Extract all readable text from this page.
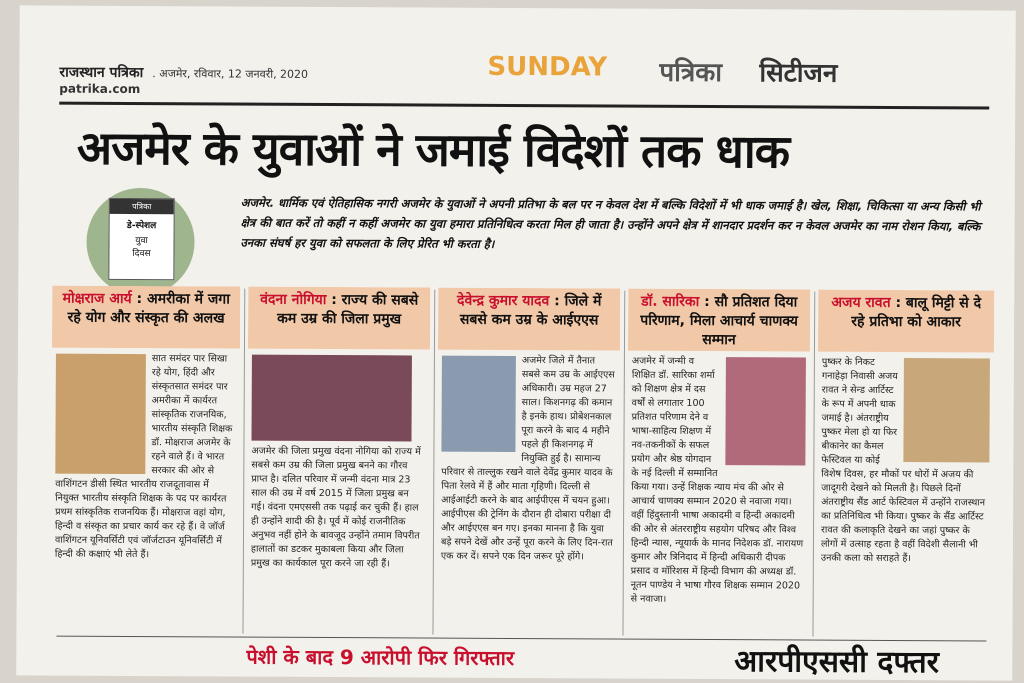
राजस्थान पत्रिका . अजमेर, रविवार, 12 जनवरी, 2020
patrika.com
SUNDAY पत्रिका सिटीजन
अजमेर के युवाओं ने जमाई विदेशों तक धाक
पत्रिका
डे-स्पेशल
युवा
दिवस
अजमेर. धार्मिक एवं ऐतिहासिक नगरी अजमेर के युवाओं ने अपनी प्रतिभा के बल पर न केवल देश में बल्कि विदेशों में भी धाक जमाई है। खेल, शिक्षा, चिकित्सा या अन्य किसी भी क्षेत्र की बात करें तो कहीं न कहीं अजमेर का युवा हमारा प्रतिनिधित्व करता मिल ही जाता है। उन्होंने अपने क्षेत्र में शानदार प्रदर्शन कर न केवल अजमेर का नाम रोशन किया, बल्कि उनका संघर्ष हर युवा को सफलता के लिए प्रेरित भी करता है।
मोक्षराज आर्य : अमरीका में जगा रहे योग और संस्कृत की अलख
सात समंदर पार सिखा रहे योग, हिंदी और संस्कृतसात समंदर पार अमरीका में कार्यरत सांस्कृतिक राजनयिक, भारतीय संस्कृति शिक्षक डॉ. मोक्षराज अजमेर के रहने वाले हैं। वे भारत सरकार की ओर से वाशिंगटन डीसी स्थित भारतीय राजदूतावास में नियुक्त भारतीय संस्कृति शिक्षक के पद पर कार्यरत प्रथम सांस्कृतिक राजनयिक हैं। मोक्षराज वहां योग, हिन्दी व संस्कृत का प्रचार कार्य कर रहे हैं। वे जॉर्ज वाशिंगटन यूनिवर्सिटी एवं जॉर्जटाउन यूनिवर्सिटी में हिन्दी की कक्षाएं भी लेते हैं।
वंदना नोगिया : राज्य की सबसे कम उम्र की जिला प्रमुख
अजमेर की जिला प्रमुख वंदना नोगिया को राज्य में सबसे कम उम्र की जिला प्रमुख बनने का गौरव प्राप्त है। दलित परिवार में जन्मी वंदना मात्र 23 साल की उम्र में वर्ष 2015 में जिला प्रमुख बन गई। वंदना एमएससी तक पढ़ाई कर चुकी हैं। हाल ही उन्होंने शादी की है। पूर्व में कोई राजनीतिक अनुभव नहीं होने के बावजूद उन्होंने तमाम विपरीत हालातों का डटकर मुकाबला किया और जिला प्रमुख का कार्यकाल पूरा करने जा रही हैं।
देवेन्द्र कुमार यादव : जिले में सबसे कम उम्र के आईएएस
अजमेर जिले में तैनात सबसे कम उम्र के आईएएस अधिकारी। उम्र महज 27 साल। किशनगढ़ की कमान है इनके हाथ। प्रोबेशनकाल पूरा करने के बाद 4 महीने पहले ही किशनगढ़ में नियुक्ति हुई है। सामान्य परिवार से ताल्लुक रखने वाले देवेंद्र कुमार यादव के पिता रेलवे में हैं और माता गृहिणी। दिल्ली से आईआईटी करने के बाद आईपीएस में चयन हुआ। आईपीएस की ट्रेनिंग के दौरान ही दोबारा परीक्षा दी और आईएएस बन गए। इनका मानना है कि युवा बड़े सपने देखें और उन्हें पूरा करने के लिए दिन-रात एक कर दें। सपने एक दिन जरूर पूरे होंगे।
डॉ. सारिका : सौ प्रतिशत दिया परिणाम, मिला आचार्य चाणक्य सम्मान
अजमेर में जन्मी व शिक्षित डॉ. सारिका शर्मा को शिक्षण क्षेत्र में दस वर्षों से लगातार 100 प्रतिशत परिणाम देने व भाषा-साहित्य शिक्षण में नव-तकनीकों के सफल प्रयोग और श्रेष्ठ योगदान के नई दिल्ली में सम्मानित किया गया। उन्हें शिक्षक न्याय मंच की ओर से आचार्य चाणक्य सम्मान 2020 से नवाजा गया। वहीं हिंदुस्तानी भाषा अकादमी व हिन्दी अकादमी की ओर से अंतरराष्ट्रीय सहयोग परिषद और विश्व हिन्दी न्यास, न्यूयार्क के मानद निदेशक डॉ. नारायण कुमार और त्रिनिदाद में हिन्दी अधिकारी दीपक प्रसाद व मॉरिशस में हिन्दी विभाग की अध्यक्ष डॉ. नूतन पाण्डेय ने भाषा गौरव शिक्षक सम्मान 2020 से नवाजा।
अजय रावत : बालू मिट्टी से दे रहे प्रतिभा को आकार
पुष्कर के निकट गनाहेड़ा निवासी अजय रावत ने सेन्ड आर्टिस्ट के रूप में अपनी धाक जमाई है। अंतराष्ट्रीय पुष्कर मेला हो या फिर बीकानेर का कैमल फेस्टिवल या कोई विशेष दिवस, हर मौकों पर धोरों में अजय की जादूगरी देखने को मिलती है। पिछले दिनों अंतराष्ट्रीय सैंड आर्ट फेस्टिवल में उन्होंने राजस्थान का प्रतिनिधित्व भी किया। पुष्कर के सैंड आर्टिस्ट रावत की कलाकृति देखने का जहां पुष्कर के लोगों में उत्साह रहता है वहीं विदेशी सैलानी भी उनकी कला को सराहते हैं।
पेशी के बाद 9 आरोपी फिर गिरफ्तार	आरपीएससी दफ्तर
